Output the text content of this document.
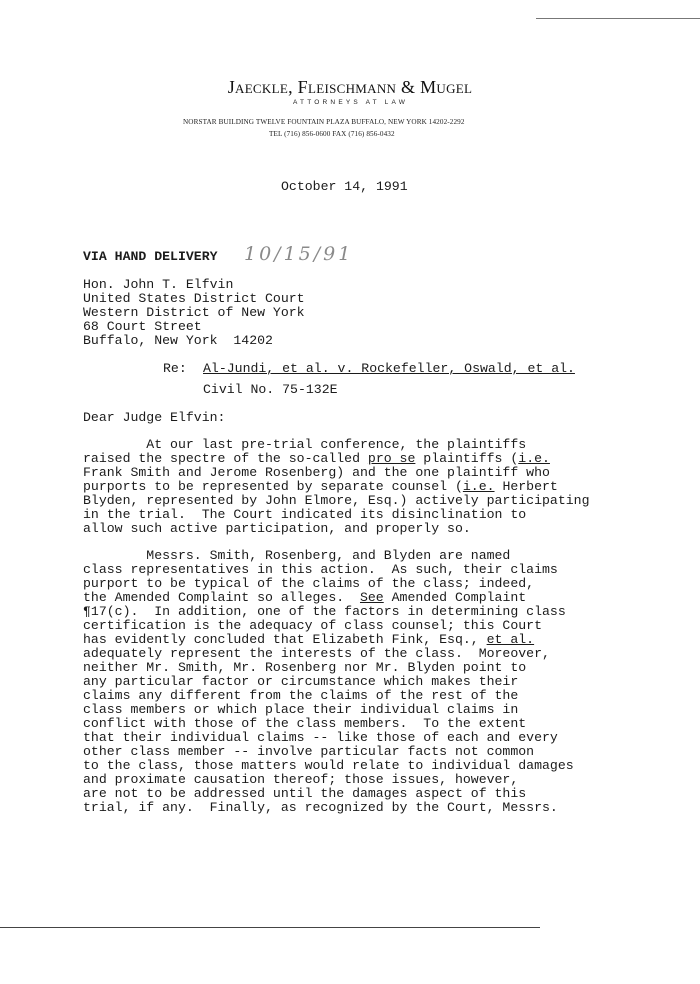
Jaeckle, Fleischmann & Mugel
ATTORNEYS AT LAW
NORSTAR BUILDING TWELVE FOUNTAIN PLAZA BUFFALO, NEW YORK 14202-2292
TEL (716) 856-0600 FAX (716) 856-0432
October 14, 1991
VIA HAND DELIVERY 10/15/91
Hon. John T. Elfvin
United States District Court
Western District of New York
68 Court Street
Buffalo, New York  14202
Re: Al-Jundi, et al. v. Rockefeller, Oswald, et al.
Civil No. 75-132E
Dear Judge Elfvin:
At our last pre-trial conference, the plaintiffs
raised the spectre of the so-called pro se plaintiffs (i.e.
Frank Smith and Jerome Rosenberg) and the one plaintiff who
purports to be represented by separate counsel (i.e. Herbert
Blyden, represented by John Elmore, Esq.) actively participating
in the trial.  The Court indicated its disinclination to
allow such active participation, and properly so.
Messrs. Smith, Rosenberg, and Blyden are named
class representatives in this action.  As such, their claims
purport to be typical of the claims of the class; indeed,
the Amended Complaint so alleges.  See Amended Complaint
¶17(c).  In addition, one of the factors in determining class
certification is the adequacy of class counsel; this Court
has evidently concluded that Elizabeth Fink, Esq., et al.
adequately represent the interests of the class.  Moreover,
neither Mr. Smith, Mr. Rosenberg nor Mr. Blyden point to
any particular factor or circumstance which makes their
claims any different from the claims of the rest of the
class members or which place their individual claims in
conflict with those of the class members.  To the extent
that their individual claims -- like those of each and every
other class member -- involve particular facts not common
to the class, those matters would relate to individual damages
and proximate causation thereof; those issues, however,
are not to be addressed until the damages aspect of this
trial, if any.  Finally, as recognized by the Court, Messrs.
